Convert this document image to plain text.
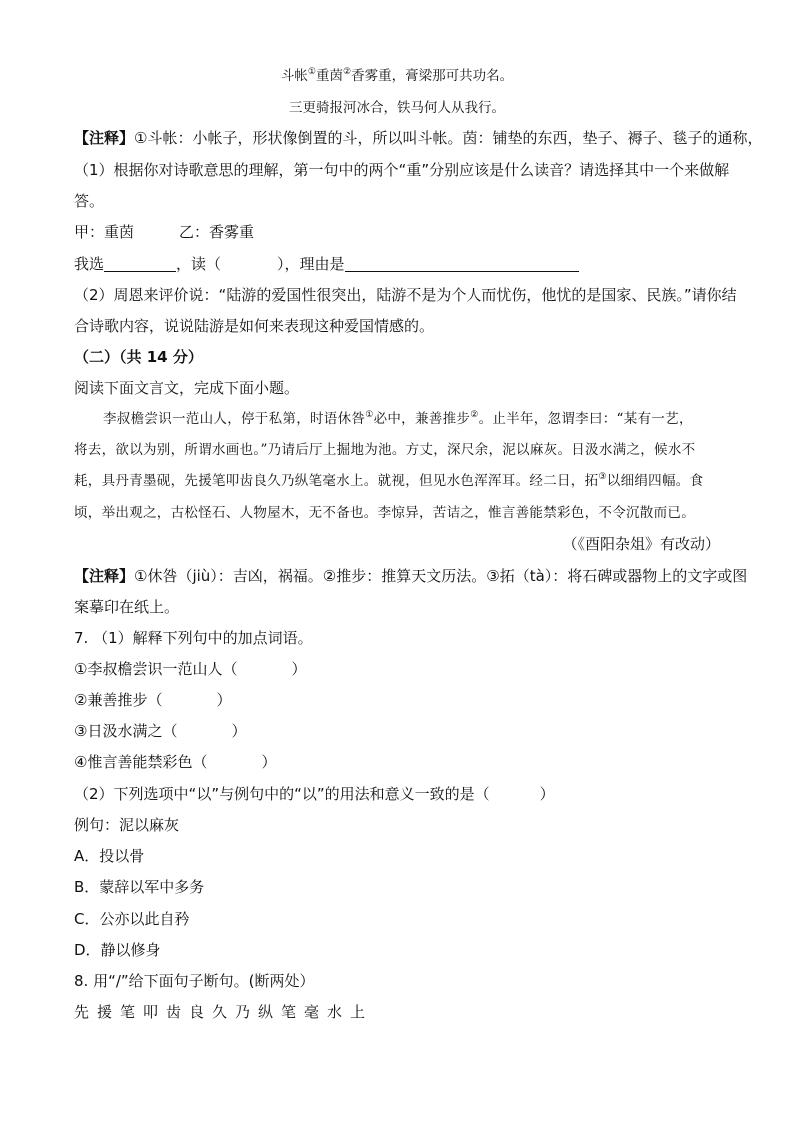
斗帐①重茵②香雾重，膏梁那可共功名。
三更骑报河冰合，铁马何人从我行。
【注释】①斗帐：小帐子，形状像倒置的斗，所以叫斗帐。茵：铺垫的东西，垫子、褥子、毯子的通称，
（1）根据你对诗歌意思的理解，第一句中的两个“重”分别应该是什么读音？请选择其中一个来做解
答。
甲：重茵　　　乙：香雾重
我选	，读（	），理由是
（2）周恩来评价说：“陆游的爱国性很突出，陆游不是为个人而忧伤，他忧的是国家、民族。”请你结
合诗歌内容，说说陆游是如何来表现这种爱国情感的。
（二）（共 14 分）
阅读下面文言文，完成下面小题。
李叔檐尝识一范山人，停于私第，时语休咎①必中，兼善推步②。止半年，忽谓李曰：“某有一艺，
将去，欲以为别，所谓水画也。”乃请后厅上掘地为池。方丈，深尺余，泥以麻灰。日汲水满之，候水不
耗，具丹青墨砚，先援笔叩齿良久乃纵笔毫水上。就视，但见水色浑浑耳。经二日，拓③以细绢四幅。食
顷，举出观之，古松怪石、人物屋木，无不备也。李惊异，苦诘之，惟言善能禁彩色，不令沉散而已。
（《酉阳杂俎》有改动）
【注释】①休咎（jiù）：吉凶，祸福。②推步：推算天文历法。③拓（tà）：将石碑或器物上的文字或图
案摹印在纸上。
7. （1）解释下列句中的加点词语。
①李叔檐尝识一范山人（	）
②兼善推步（	）
③日汲水满之（	）
④惟言善能禁彩色（	）
（2）下列选项中“以”与例句中的“以”的用法和意义一致的是（	）
例句：泥以麻灰
A．投以骨
B．蒙辞以军中多务
C．公亦以此自矜
D．静以修身
8. 用“/”给下面句子断句。(断两处）
先援笔叩齿良久乃纵笔毫水上
